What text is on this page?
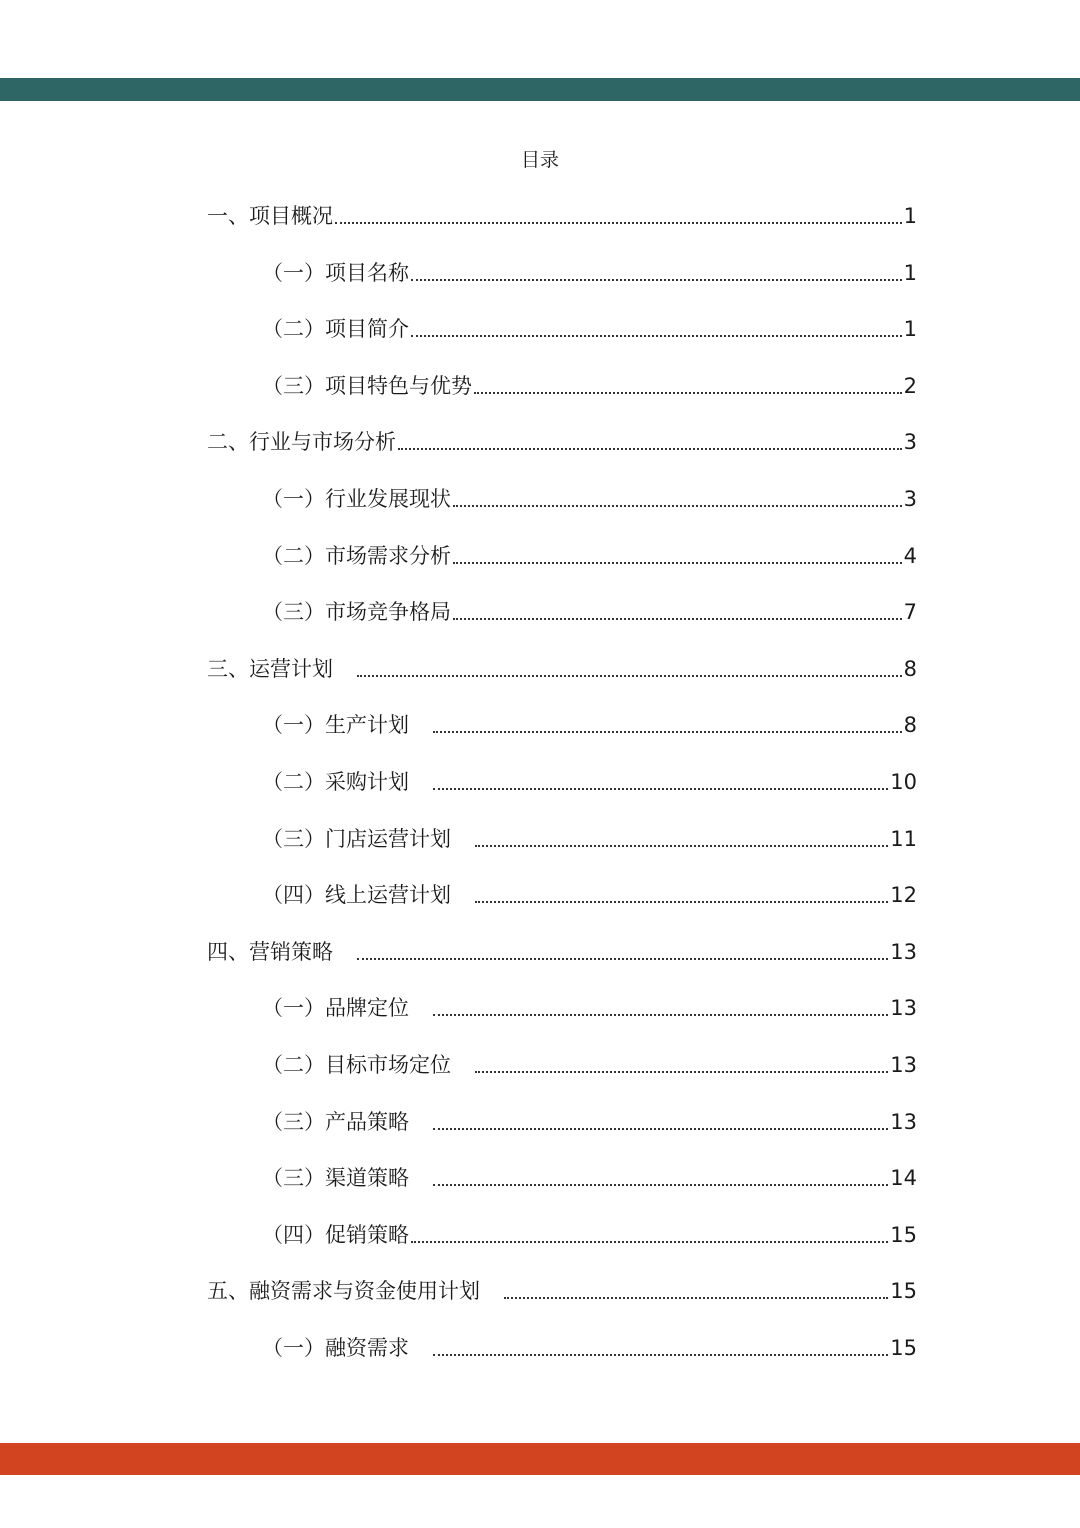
目录
一、项目概况	1
（一）项目名称	1
（二）项目简介	1
（三）项目特色与优势	2
二、行业与市场分析	3
（一）行业发展现状	3
（二）市场需求分析	4
（三）市场竞争格局	7
三、运营计划	8
（一）生产计划	8
（二）采购计划	10
（三）门店运营计划	11
（四）线上运营计划	12
四、营销策略	13
（一）品牌定位	13
（二）目标市场定位	13
（三）产品策略	13
（三）渠道策略	14
（四）促销策略	15
五、融资需求与资金使用计划	15
（一）融资需求	15
